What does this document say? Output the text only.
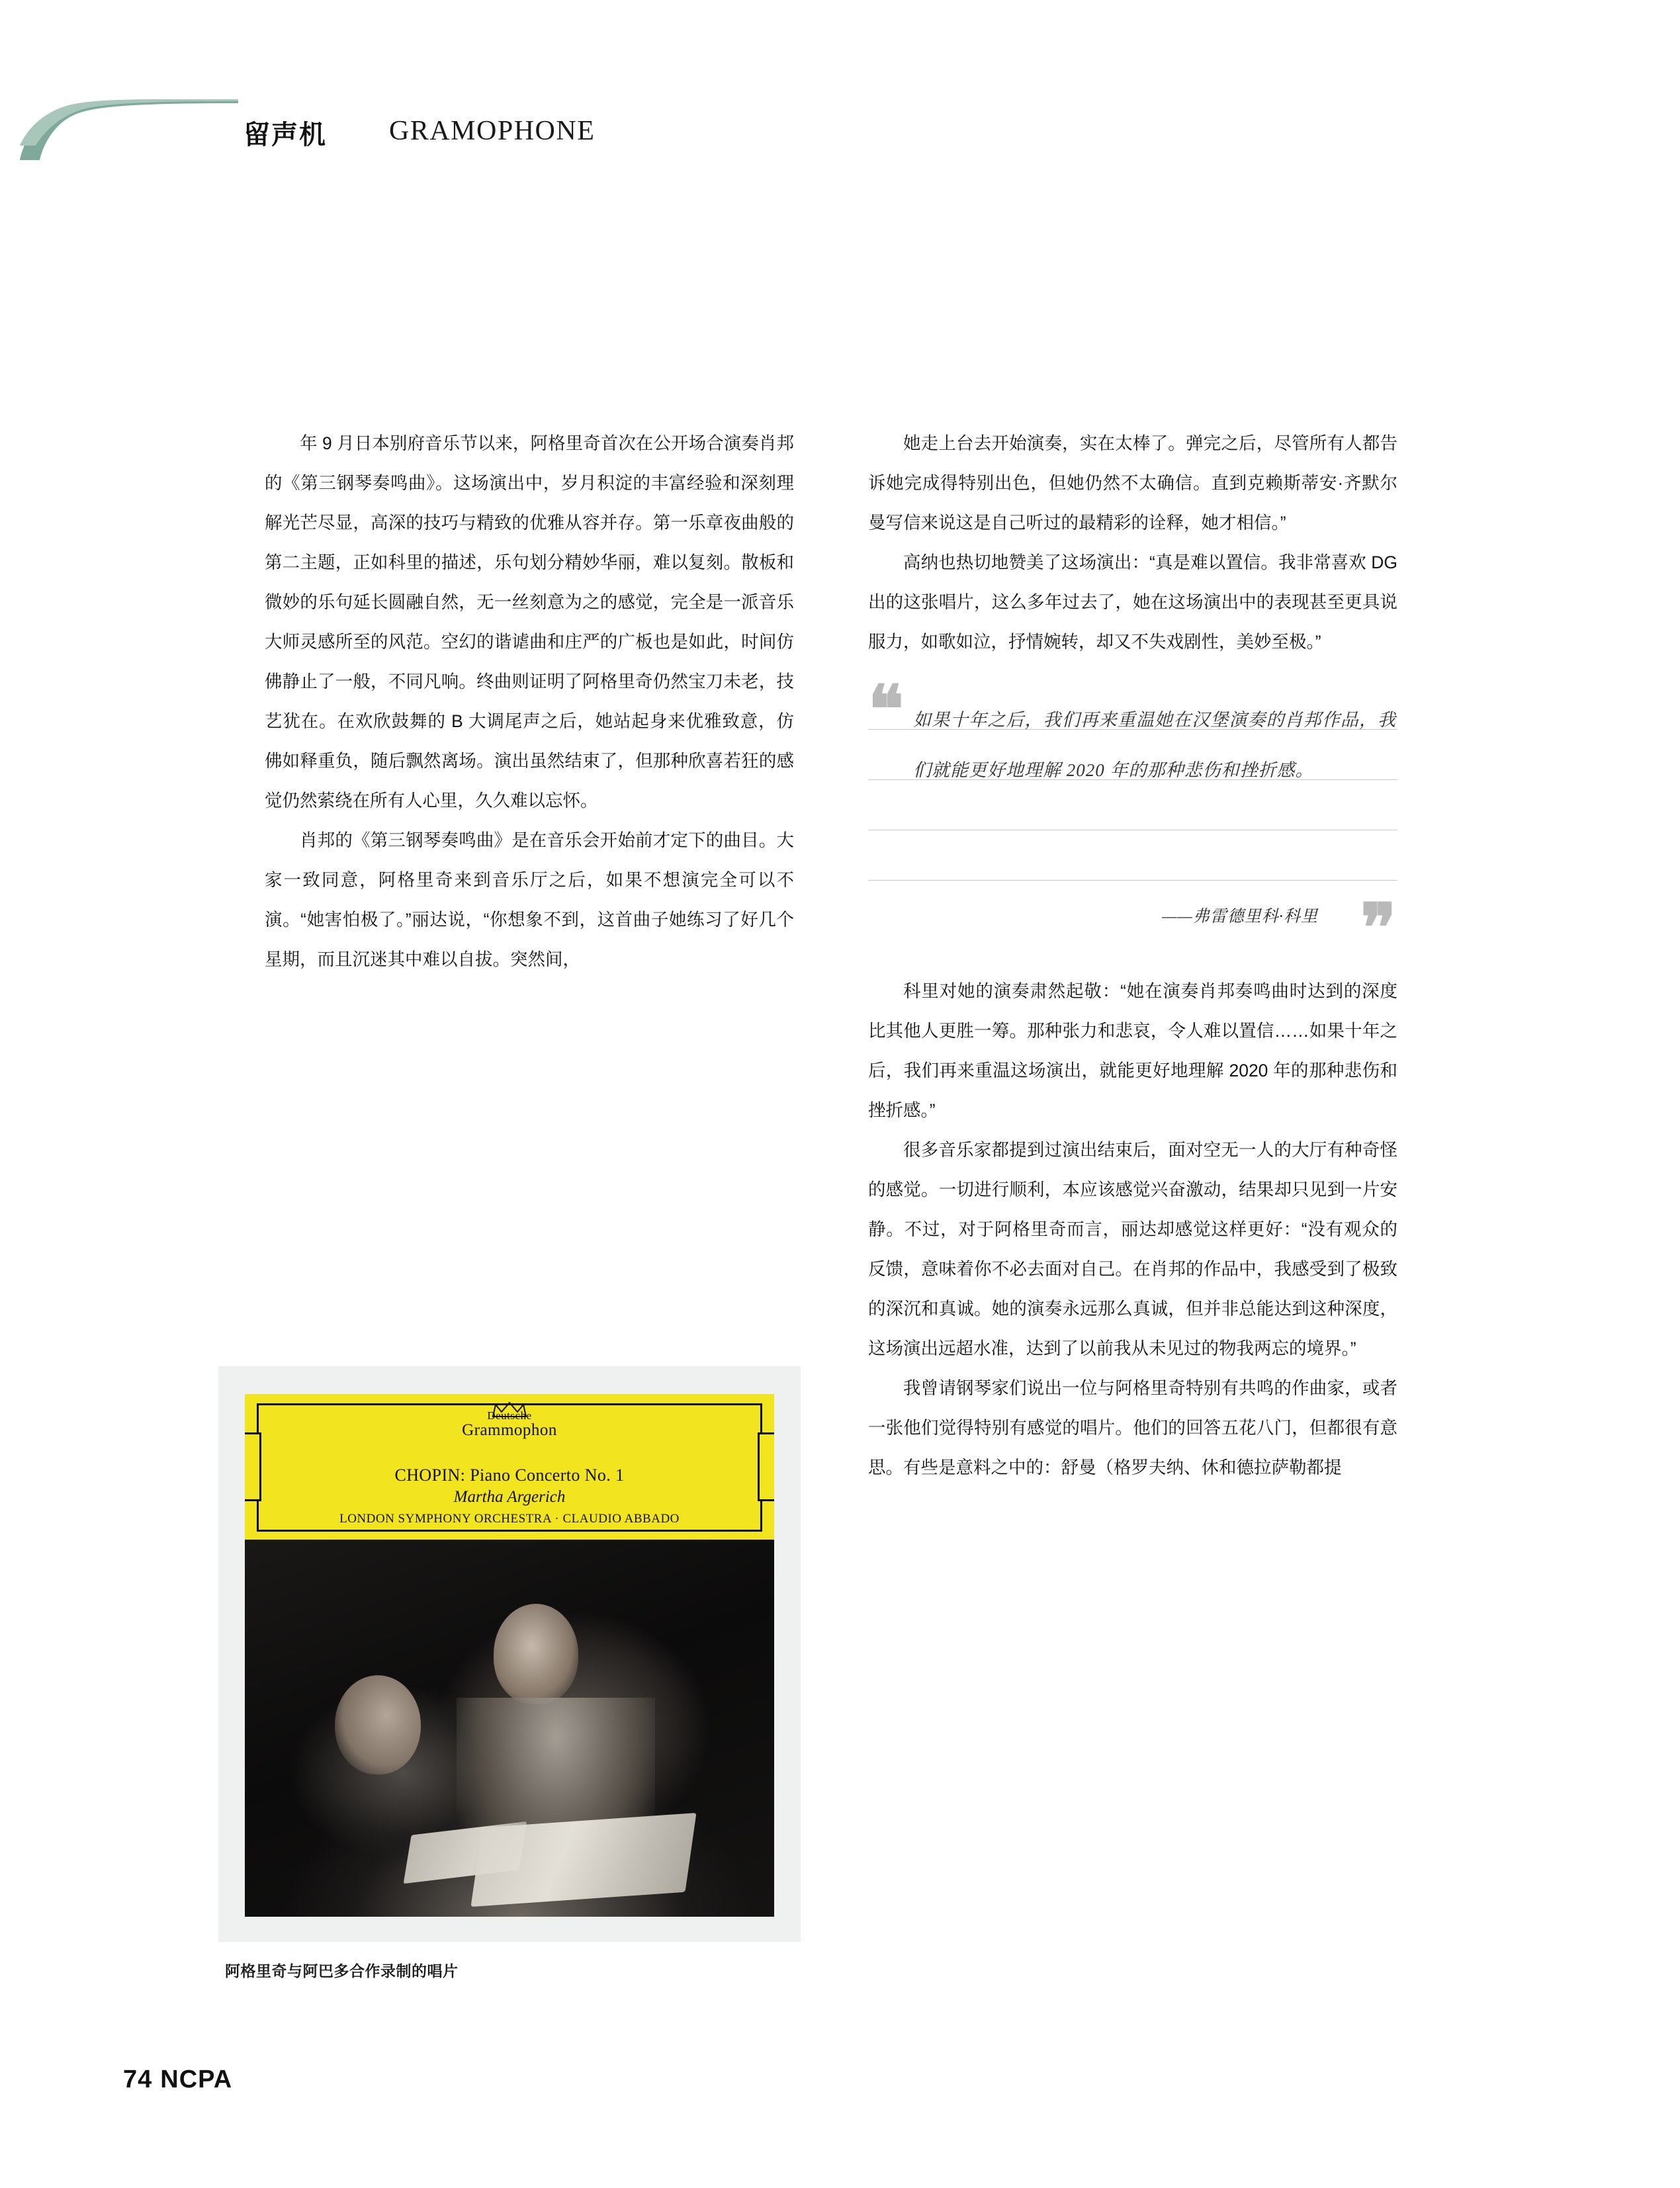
留声机 GRAMOPHONE

年 9 月日本别府音乐节以来，阿格里奇首次在公开场合演奏肖邦的《第三钢琴奏鸣曲》。这场演出中，岁月积淀的丰富经验和深刻理解光芒尽显，高深的技巧与精致的优雅从容并存。第一乐章夜曲般的第二主题，正如科里的描述，乐句划分精妙华丽，难以复刻。散板和微妙的乐句延长圆融自然，无一丝刻意为之的感觉，完全是一派音乐大师灵感所至的风范。空幻的谐谑曲和庄严的广板也是如此，时间仿佛静止了一般，不同凡响。终曲则证明了阿格里奇仍然宝刀未老，技艺犹在。在欢欣鼓舞的 B 大调尾声之后，她站起身来优雅致意，仿佛如释重负，随后飘然离场。演出虽然结束了，但那种欣喜若狂的感觉仍然萦绕在所有人心里，久久难以忘怀。

肖邦的《第三钢琴奏鸣曲》是在音乐会开始前才定下的曲目。大家一致同意，阿格里奇来到音乐厅之后，如果不想演完全可以不演。“她害怕极了。”丽达说，“你想象不到，这首曲子她练习了好几个星期，而且沉迷其中难以自拔。突然间，

她走上台去开始演奏，实在太棒了。弹完之后，尽管所有人都告诉她完成得特别出色，但她仍然不太确信。直到克赖斯蒂安·齐默尔曼写信来说这是自己听过的最精彩的诠释，她才相信。”

高纳也热切地赞美了这场演出：“真是难以置信。我非常喜欢 DG 出的这张唱片，这么多年过去了，她在这场演出中的表现甚至更具说服力，如歌如泣，抒情婉转，却又不失戏剧性，美妙至极。”

❝ 如果十年之后，我们再来重温她在汉堡演奏的肖邦作品，我们就能更好地理解 2020 年的那种悲伤和挫折感。
——弗雷德里科·科里 ❞

科里对她的演奏肃然起敬：“她在演奏肖邦奏鸣曲时达到的深度比其他人更胜一筹。那种张力和悲哀，令人难以置信……如果十年之后，我们再来重温这场演出，就能更好地理解 2020 年的那种悲伤和挫折感。”

很多音乐家都提到过演出结束后，面对空无一人的大厅有种奇怪的感觉。一切进行顺利，本应该感觉兴奋激动，结果却只见到一片安静。不过，对于阿格里奇而言，丽达却感觉这样更好：“没有观众的反馈，意味着你不必去面对自己。在肖邦的作品中，我感受到了极致的深沉和真诚。她的演奏永远那么真诚，但并非总能达到这种深度，这场演出远超水准，达到了以前我从未见过的物我两忘的境界。”

我曾请钢琴家们说出一位与阿格里奇特别有共鸣的作曲家，或者一张他们觉得特别有感觉的唱片。他们的回答五花八门，但都很有意思。有些是意料之中的：舒曼（格罗夫纳、休和德拉萨勒都提

Deutsche
Grammophon
CHOPIN: Piano Concerto No. 1
Martha Argerich
LONDON SYMPHONY ORCHESTRA · CLAUDIO ABBADO
阿格里奇与阿巴多合作录制的唱片
74 NCPA
